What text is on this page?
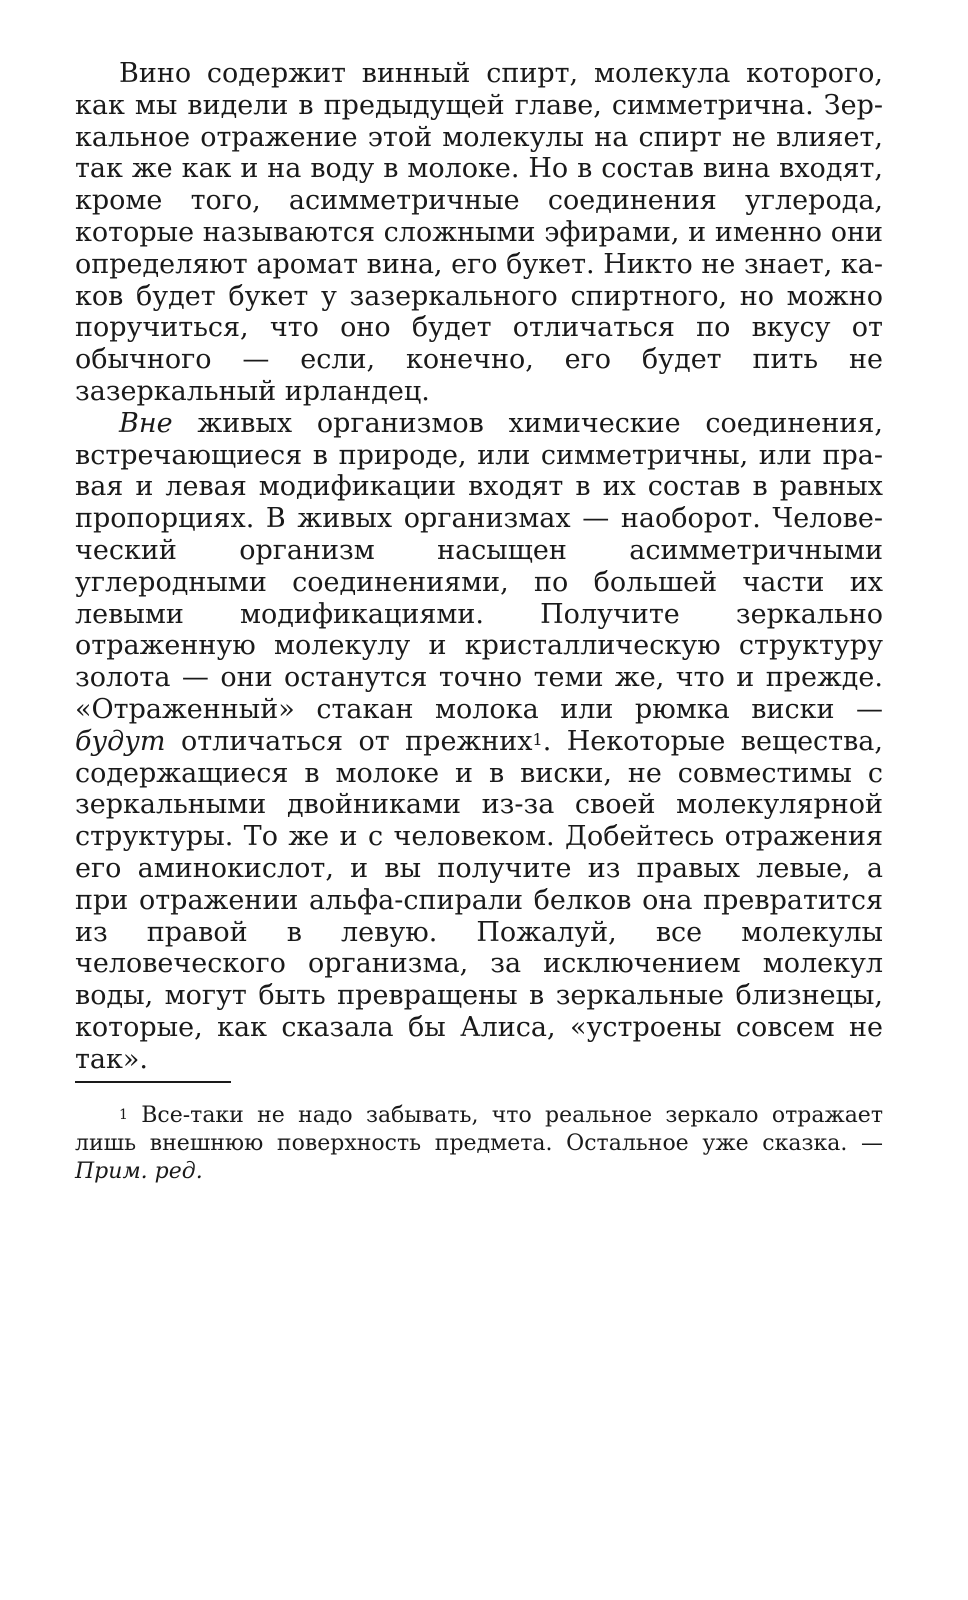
Вино содержит винный спирт, молекула которого, как мы видели в предыдущей главе, симметрична. Зеркальное отражение этой молекулы на спирт не влияет, так же как и на воду в молоке. Но в состав вина входят, кроме того, асимметричные соединения углерода, которые называются сложными эфирами, и именно они определяют аромат вина, его букет. Никто не знает, каков будет букет у зазеркального спиртного, но можно поручиться, что оно будет отличаться по вкусу от обычного — если, конечно, его будет пить не зазеркальный ирландец.

Вне живых организмов химические соединения, встречающиеся в природе, или симметричны, или правая и левая модификации входят в их состав в равных пропорциях. В живых организмах — наоборот. Человеческий организм насыщен асимметричными углеродными соединениями, по большей части их левыми модификациями. Получите зеркально отраженную молекулу и кристаллическую структуру золота — они останутся точно теми же, что и прежде. «Отраженный» стакан молока или рюмка виски — будут отличаться от прежних$^1$. Некоторые вещества, содержащиеся в молоке и в виски, не совместимы с зеркальными двойниками из-за своей молекулярной структуры. То же и с человеком. Добейтесь отражения его аминокислот, и вы получите из правых левые, а при отражении альфа-спирали белков она превратится из правой в левую. Пожалуй, все молекулы человеческого организма, за исключением молекул воды, могут быть превращены в зеркальные близнецы, которые, как сказала бы Алиса, «устроены совсем не так».

$^1$ Все-таки не надо забывать, что реальное зеркало отражает лишь внешнюю поверхность предмета. Остальное уже сказка. — Прим. ред.
